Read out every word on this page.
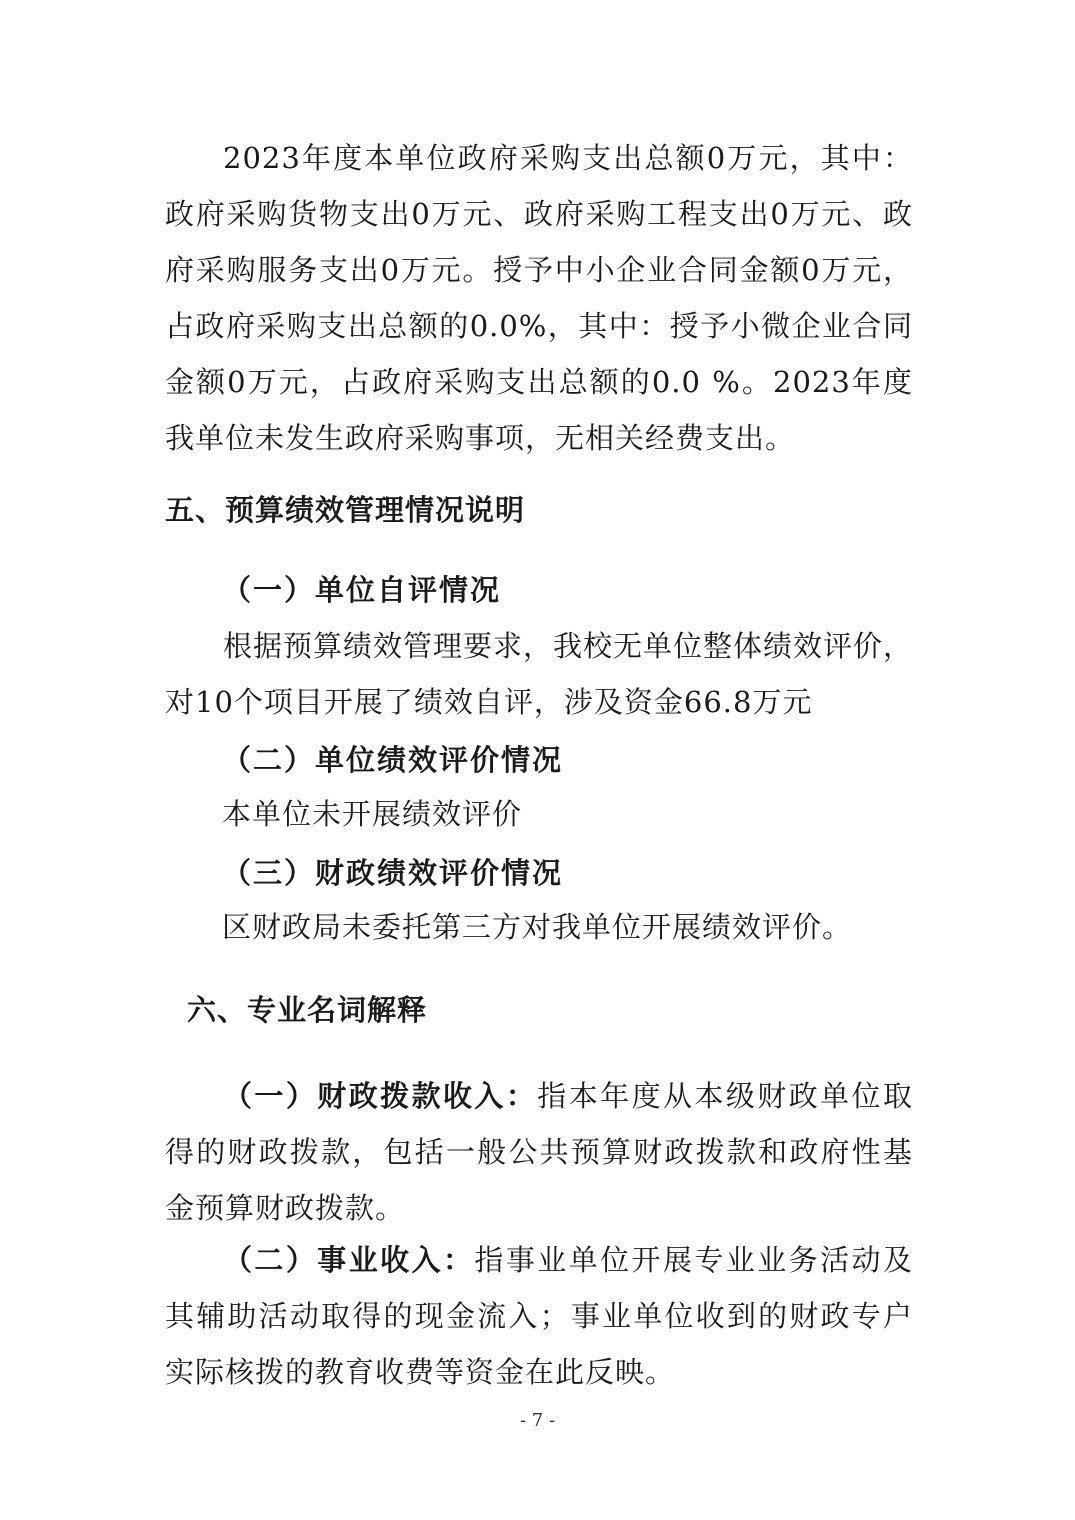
2023年度本单位政府采购支出总额0万元，其中：政府采购货物支出0万元、政府采购工程支出0万元、政府采购服务支出0万元。授予中小企业合同金额0万元，占政府采购支出总额的0.0%，其中：授予小微企业合同金额0万元，占政府采购支出总额的0.0 %。2023年度我单位未发生政府采购事项，无相关经费支出。

五、预算绩效管理情况说明
（一）单位自评情况

根据预算绩效管理要求，我校无单位整体绩效评价，对10个项目开展了绩效自评，涉及资金66.8万元

（二）单位绩效评价情况

本单位未开展绩效评价

（三）财政绩效评价情况

区财政局未委托第三方对我单位开展绩效评价。

六、专业名词解释

（一）财政拨款收入：指本年度从本级财政单位取得的财政拨款，包括一般公共预算财政拨款和政府性基金预算财政拨款。

（二）事业收入：指事业单位开展专业业务活动及其辅助活动取得的现金流入；事业单位收到的财政专户实际核拨的教育收费等资金在此反映。

- 7 -
